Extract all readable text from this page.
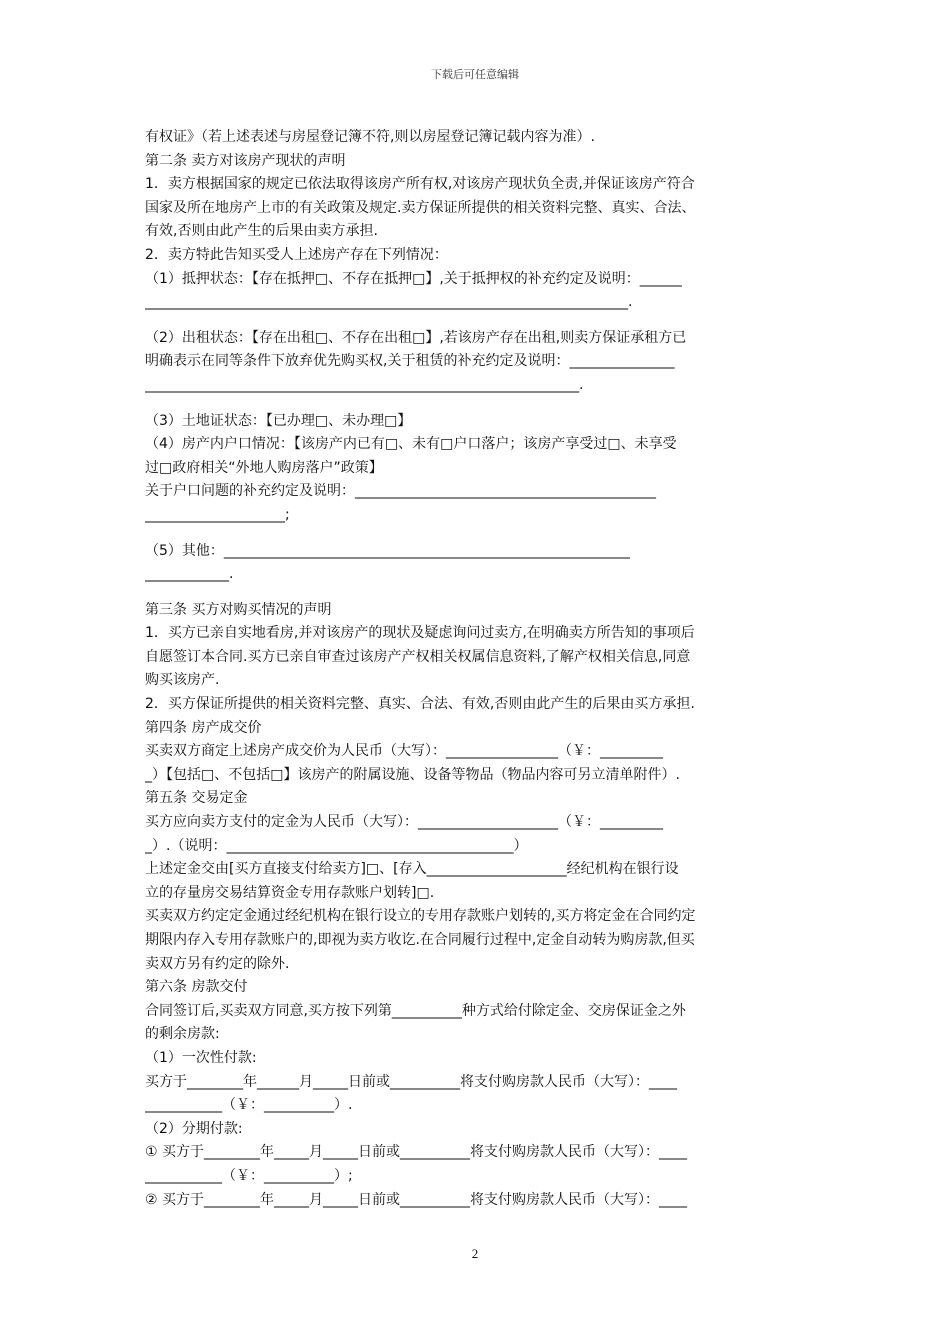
下载后可任意编辑
有权证》（若上述表述与房屋登记簿不符,则以房屋登记簿记载内容为准）.
第二条 卖方对该房产现状的声明
1．卖方根据国家的规定已依法取得该房产所有权,对该房产现状负全责,并保证该房产符合
国家及所在地房产上市的有关政策及规定.卖方保证所提供的相关资料完整、真实、合法、
有效,否则由此产生的后果由卖方承担.
2．卖方特此告知买受人上述房产存在下列情况：
（1）抵押状态：【存在抵押□、不存在抵押□】,关于抵押权的补充约定及说明：______
_____________________________________________________________________.
（2）出租状态：【存在出租□、不存在出租□】,若该房产存在出租,则卖方保证承租方已
明确表示在同等条件下放弃优先购买权,关于租赁的补充约定及说明：_______________
______________________________________________________________.
（3）土地证状态：【已办理□、未办理□】
（4）房产内户口情况：【该房产内已有□、未有□户口落户；该房产享受过□、未享受
过□政府相关“外地人购房落户”政策】
关于户口问题的补充约定及说明：___________________________________________
____________________;
（5）其他：__________________________________________________________
____________.
第三条 买方对购买情况的声明
1．买方已亲自实地看房,并对该房产的现状及疑虑询问过卖方,在明确卖方所告知的事项后
自愿签订本合同.买方已亲自审查过该房产产权相关权属信息资料,了解产权相关信息,同意
购买该房产.
2．买方保证所提供的相关资料完整、真实、合法、有效,否则由此产生的后果由买方承担.
第四条 房产成交价
买卖双方商定上述房产成交价为人民币（大写）：________________（￥：_________
_）【包括□、不包括□】该房产的附属设施、设备等物品（物品内容可另立清单附件）.
第五条 交易定金
买方应向卖方支付的定金为人民币（大写）：____________________（￥：_________
_）.（说明：_________________________________________）
上述定金交由[买方直接支付给卖方]□、[存入____________________经纪机构在银行设
立的存量房交易结算资金专用存款账户划转]□.
买卖双方约定定金通过经纪机构在银行设立的专用存款账户划转的,买方将定金在合同约定
期限内存入专用存款账户的,即视为卖方收讫.在合同履行过程中,定金自动转为购房款,但买
卖双方另有约定的除外.
第六条 房款交付
合同签订后,买卖双方同意,买方按下列第__________种方式给付除定金、交房保证金之外
的剩余房款:
（1）一次性付款:
买方于________年______月_____日前或__________将支付购房款人民币（大写）：____
___________（￥：__________）.
（2）分期付款:
① 买方于________年_____月_____日前或__________将支付购房款人民币（大写）：____
___________（￥：__________）;
② 买方于________年_____月_____日前或__________将支付购房款人民币（大写）：____
2
